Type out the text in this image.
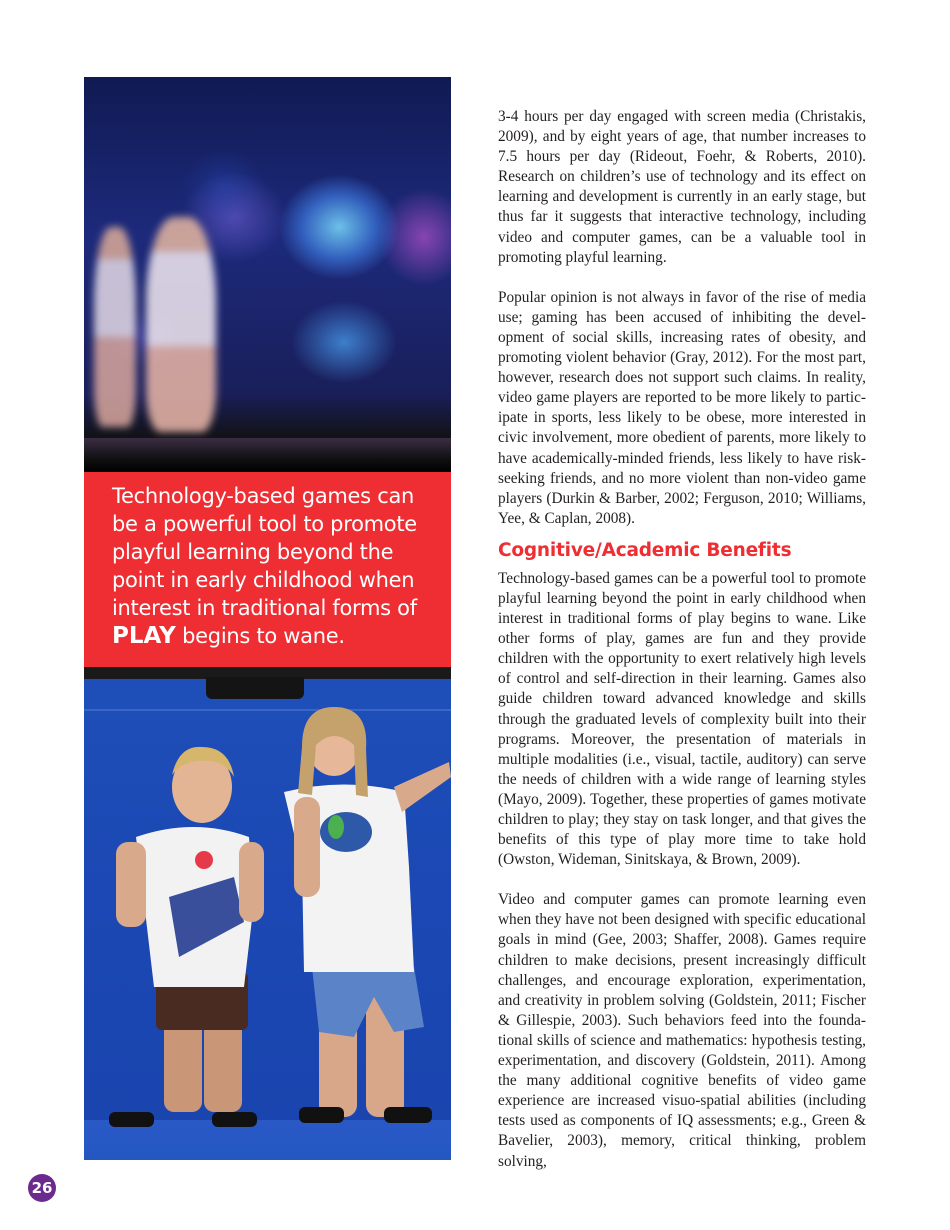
Technology-based games can be a powerful tool to promote playful learning beyond the point in early childhood when interest in traditional forms of PLAY begins to wane.

3-4 hours per day engaged with screen media (Christakis, 2009), and by eight years of age, that number increases to 7.5 hours per day (Rideout, Foehr, & Roberts, 2010). Research on children’s use of technology and its effect on learning and development is currently in an early stage, but thus far it suggests that interactive technology, including video and computer games, can be a valuable tool in promoting playful learning.

Popular opinion is not always in favor of the rise of media use; gaming has been accused of inhibiting the development of social skills, increasing rates of obesity, and promoting violent behavior (Gray, 2012). For the most part, however, research does not support such claims. In reality, video game players are reported to be more likely to participate in sports, less likely to be obese, more interested in civic involvement, more obedient of parents, more likely to have academically-minded friends, less likely to have risk-seeking friends, and no more violent than non-video game players (Durkin & Barber, 2002; Ferguson, 2010; Williams, Yee, & Caplan, 2008).

Cognitive/Academic Benefits

Technology-based games can be a powerful tool to promote playful learning beyond the point in early childhood when interest in traditional forms of play begins to wane. Like other forms of play, games are fun and they provide children with the opportunity to exert relatively high levels of control and self-direction in their learning. Games also guide children toward advanced knowledge and skills through the graduated levels of complexity built into their programs. Moreover, the presentation of materials in multiple modalities (i.e., visual, tactile, auditory) can serve the needs of children with a wide range of learning styles (Mayo, 2009). Together, these properties of games motivate children to play; they stay on task longer, and that gives the benefits of this type of play more time to take hold (Owston, Wideman, Sinitskaya, & Brown, 2009).

Video and computer games can promote learning even when they have not been designed with specific educational goals in mind (Gee, 2003; Shaffer, 2008). Games require children to make decisions, present increasingly difficult challenges, and encourage exploration, experimentation, and creativity in problem solving (Goldstein, 2011; Fischer & Gillespie, 2003). Such behaviors feed into the foundational skills of science and mathematics: hypothesis testing, experimentation, and discovery (Goldstein, 2011). Among the many additional cognitive benefits of video game experience are increased visuo-spatial abilities (including tests used as components of IQ assessments; e.g., Green & Bavelier, 2003), memory, critical thinking, problem solving,

26
